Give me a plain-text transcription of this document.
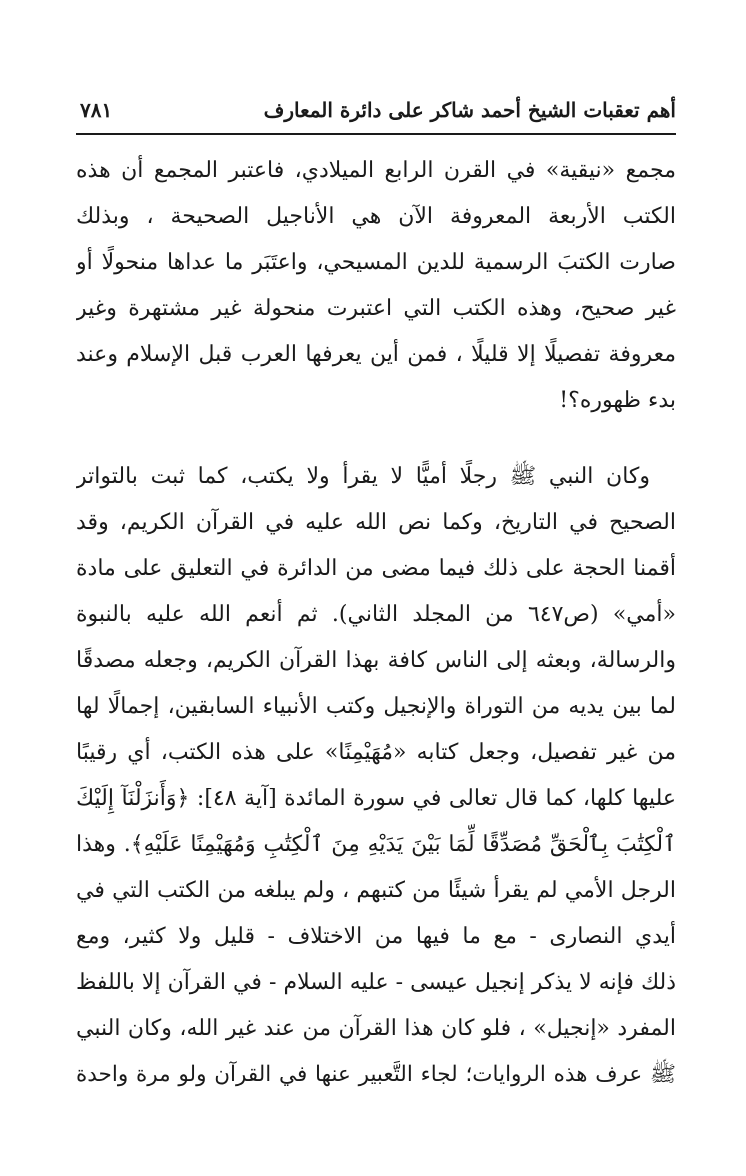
أهم تعقبات الشيخ أحمد شاكر على دائرة المعارف
٧٨١
مجمع «نيقية» في القرن الرابع الميلادي، فاعتبر المجمع أن هذه
الكتب الأربعة المعروفة الآن هي الأناجيل الصحيحة ، وبذلك
صارت الكتبَ الرسمية للدين المسيحي، واعتَبَر ما عداها منحولًا أو
غير صحيح، وهذه الكتب التي اعتبرت منحولة غير مشتهرة وغير
معروفة تفصيلًا إلا قليلًا ، فمن أين يعرفها العرب قبل الإسلام وعند
بدء ظهوره؟!
وكان النبي ﷺ رجلًا أميًّا لا يقرأ ولا يكتب، كما ثبت بالتواتر
الصحيح في التاريخ، وكما نص الله عليه في القرآن الكريم، وقد
أقمنا الحجة على ذلك فيما مضى من الدائرة في التعليق على مادة
«أمي» (ص٦٤٧ من المجلد الثاني). ثم أنعم الله عليه بالنبوة
والرسالة، وبعثه إلى الناس كافة بهذا القرآن الكريم، وجعله مصدقًا
لما بين يديه من التوراة والإنجيل وكتب الأنبياء السابقين، إجمالًا لها
من غير تفصيل، وجعل كتابه «مُهَيْمِنًا» على هذه الكتب، أي رقيبًا
عليها كلها، كما قال تعالى في سورة المائدة [آية ٤٨]: ﴿وَأَنزَلْنَآ إِلَيْكَ
ٱلْكِتَٰبَ بِٱلْحَقِّ مُصَدِّقًا لِّمَا بَيْنَ يَدَيْهِ مِنَ ٱلْكِتَٰبِ وَمُهَيْمِنًا عَلَيْهِ﴾. وهذا
الرجل الأمي لم يقرأ شيئًا من كتبهم ، ولم يبلغه من الكتب التي في
أيدي النصارى - مع ما فيها من الاختلاف - قليل ولا كثير، ومع
ذلك فإنه لا يذكر إنجيل عيسى - عليه السلام - في القرآن إلا باللفظ
المفرد «إنجيل» ، فلو كان هذا القرآن من عند غير الله، وكان النبي
ﷺ عرف هذه الروايات؛ لجاء التَّعبير عنها في القرآن ولو مرة واحدة
